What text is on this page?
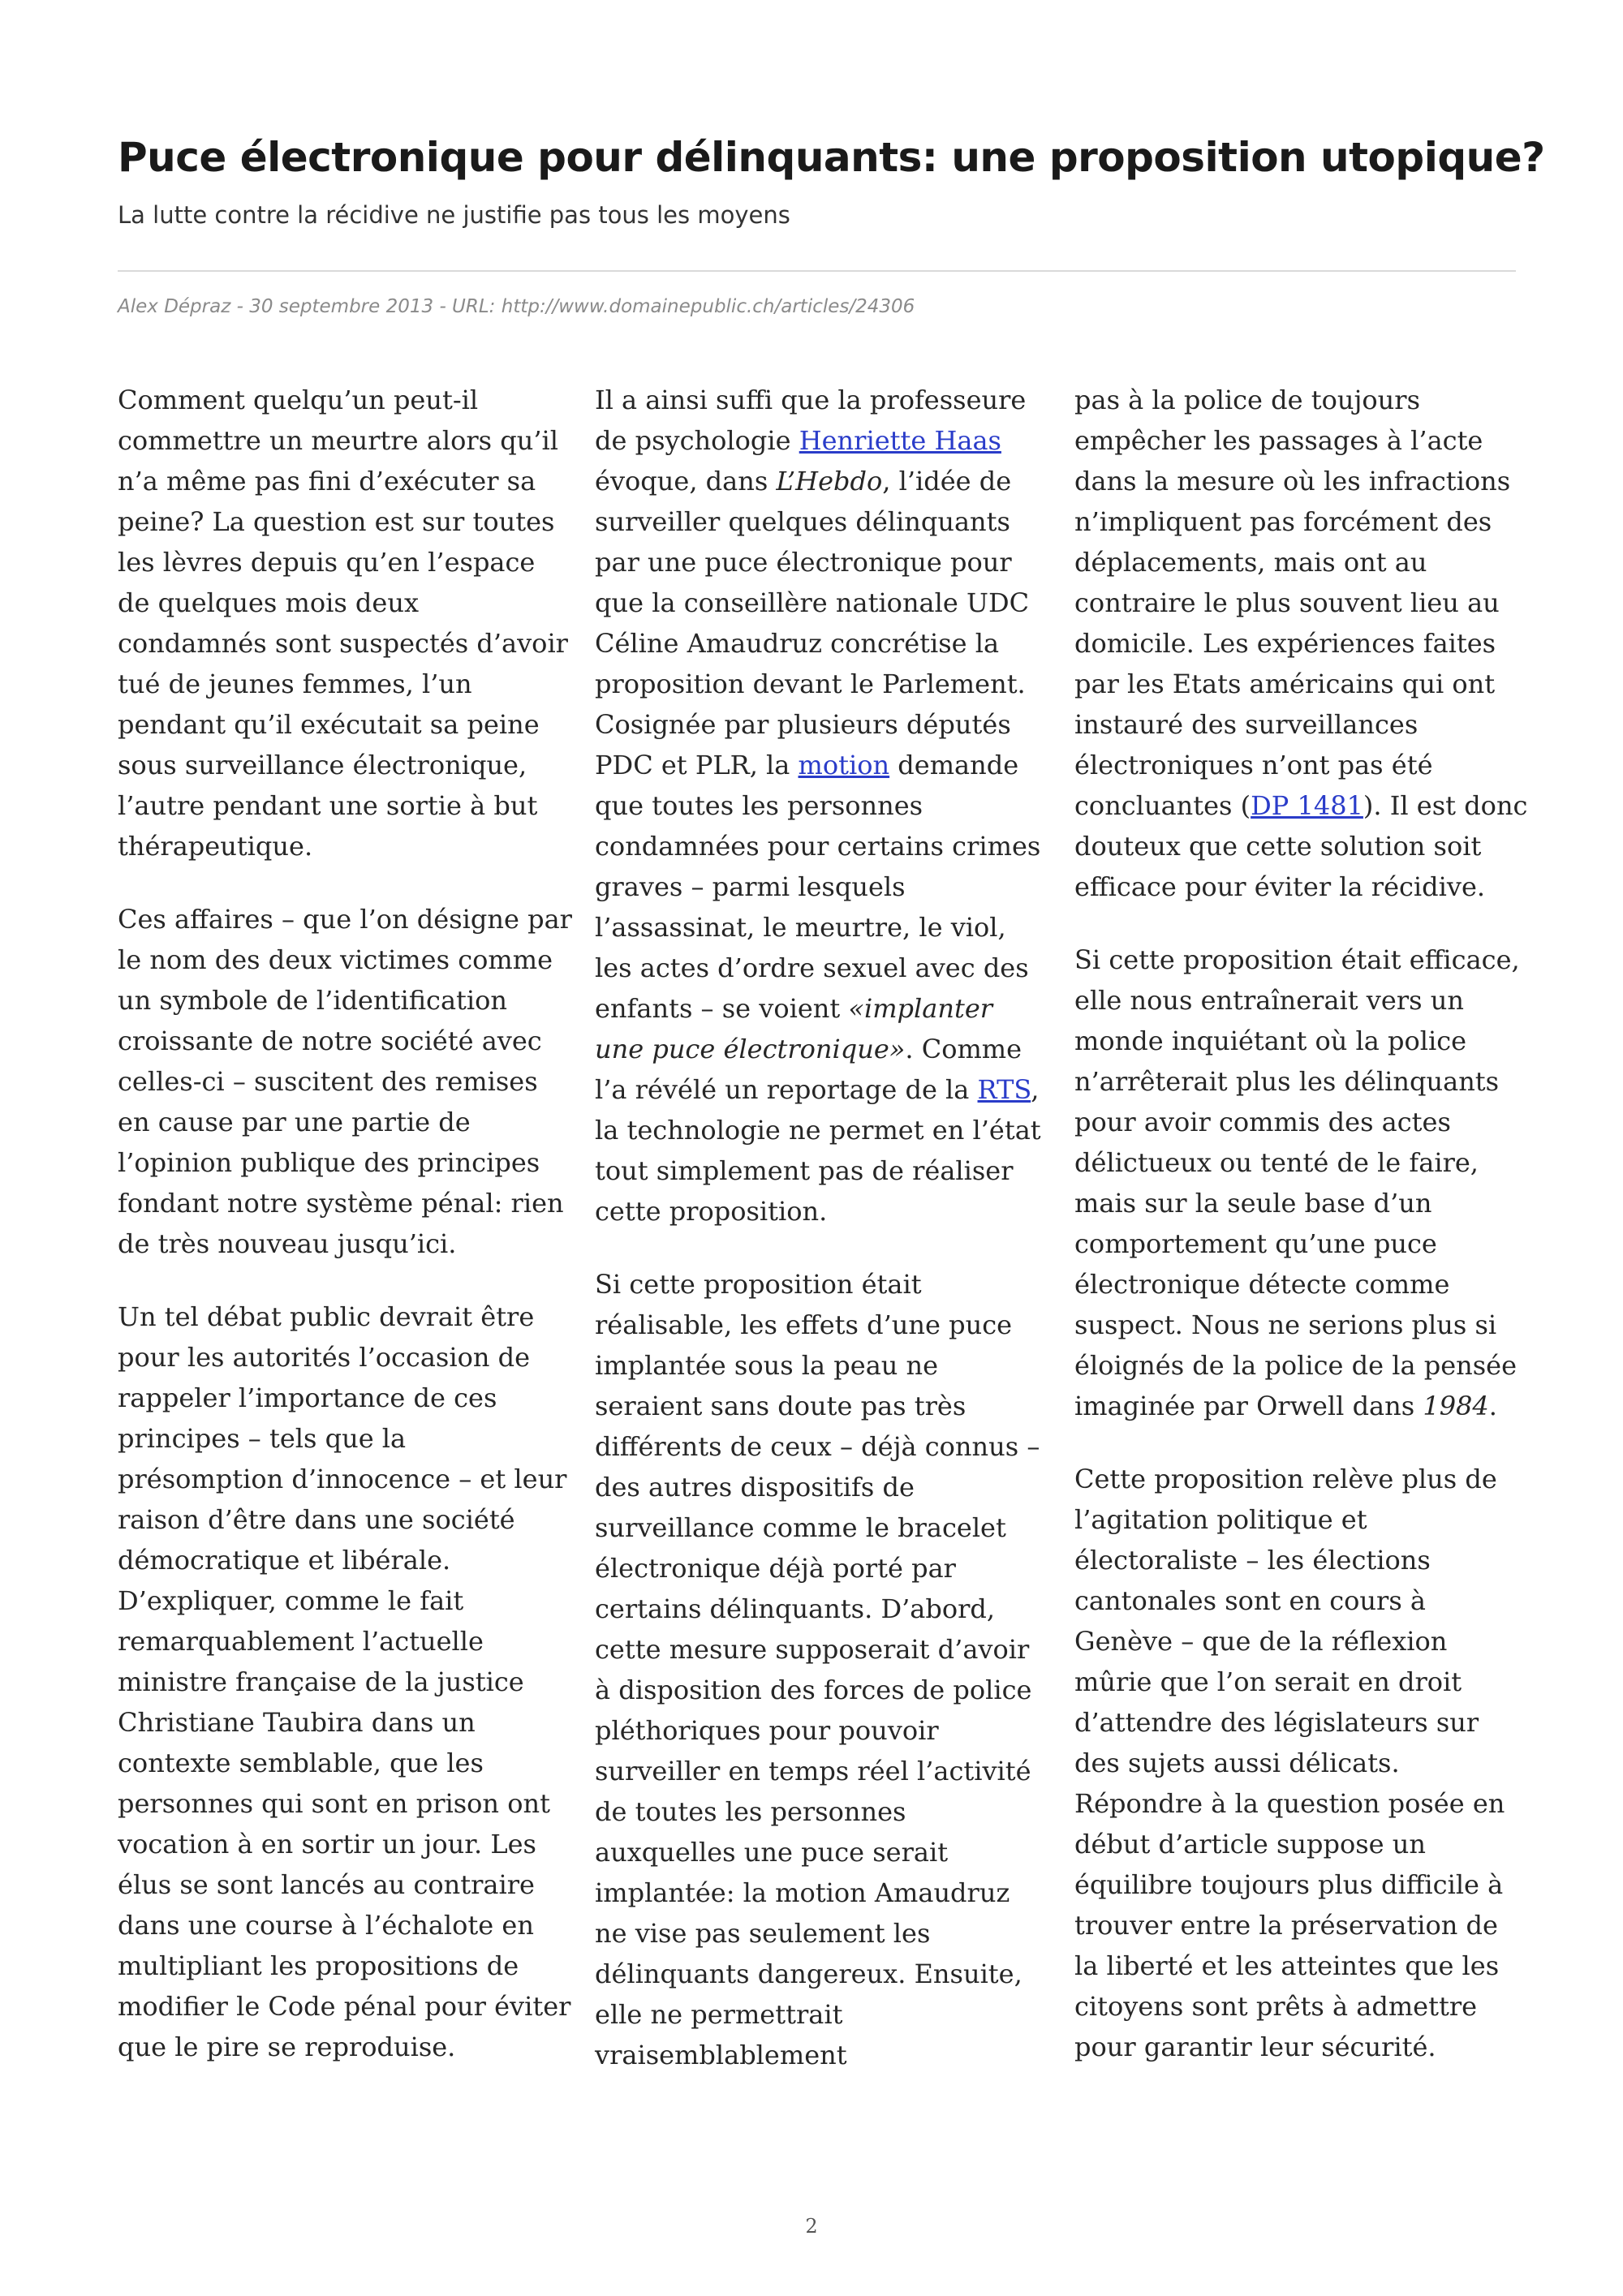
Puce électronique pour délinquants: une proposition utopique?

La lutte contre la récidive ne justifie pas tous les moyens

Alex Dépraz - 30 septembre 2013 - URL: http://www.domainepublic.ch/articles/24306

Comment quelqu’un peut-il commettre un meurtre alors qu’il n’a même pas fini d’exécuter sa peine? La question est sur toutes les lèvres depuis qu’en l’espace de quelques mois deux condamnés sont suspectés d’avoir tué de jeunes femmes, l’un pendant qu’il exécutait sa peine sous surveillance électronique, l’autre pendant une sortie à but thérapeutique.

Ces affaires – que l’on désigne par le nom des deux victimes comme un symbole de l’identification croissante de notre société avec celles-ci – suscitent des remises en cause par une partie de l’opinion publique des principes fondant notre système pénal: rien de très nouveau jusqu’ici.

Un tel débat public devrait être pour les autorités l’occasion de rappeler l’importance de ces principes – tels que la présomption d’innocence – et leur raison d’être dans une société démocratique et libérale. D’expliquer, comme le fait remarquablement l’actuelle ministre française de la justice Christiane Taubira dans un contexte semblable, que les personnes qui sont en prison ont vocation à en sortir un jour. Les élus se sont lancés au contraire dans une course à l’échalote en multipliant les propositions de modifier le Code pénal pour éviter que le pire se reproduise.

Il a ainsi suffi que la professeure de psychologie Henriette Haas évoque, dans L’Hebdo, l’idée de surveiller quelques délinquants par une puce électronique pour que la conseillère nationale UDC Céline Amaudruz concrétise la proposition devant le Parlement. Cosignée par plusieurs députés PDC et PLR, la motion demande que toutes les personnes condamnées pour certains crimes graves – parmi lesquels l’assassinat, le meurtre, le viol, les actes d’ordre sexuel avec des enfants – se voient «implanter une puce électronique». Comme l’a révélé un reportage de la RTS, la technologie ne permet en l’état tout simplement pas de réaliser cette proposition.

Si cette proposition était réalisable, les effets d’une puce implantée sous la peau ne seraient sans doute pas très différents de ceux – déjà connus – des autres dispositifs de surveillance comme le bracelet électronique déjà porté par certains délinquants. D’abord, cette mesure supposerait d’avoir à disposition des forces de police pléthoriques pour pouvoir surveiller en temps réel l’activité de toutes les personnes auxquelles une puce serait implantée: la motion Amaudruz ne vise pas seulement les délinquants dangereux. Ensuite, elle ne permettrait vraisemblablement

pas à la police de toujours empêcher les passages à l’acte dans la mesure où les infractions n’impliquent pas forcément des déplacements, mais ont au contraire le plus souvent lieu au domicile. Les expériences faites par les Etats américains qui ont instauré des surveillances électroniques n’ont pas été concluantes (DP 1481). Il est donc douteux que cette solution soit efficace pour éviter la récidive.

Si cette proposition était efficace, elle nous entraînerait vers un monde inquiétant où la police n’arrêterait plus les délinquants pour avoir commis des actes délictueux ou tenté de le faire, mais sur la seule base d’un comportement qu’une puce électronique détecte comme suspect. Nous ne serions plus si éloignés de la police de la pensée imaginée par Orwell dans 1984.

Cette proposition relève plus de l’agitation politique et électoraliste – les élections cantonales sont en cours à Genève – que de la réflexion mûrie que l’on serait en droit d’attendre des législateurs sur des sujets aussi délicats. Répondre à la question posée en début d’article suppose un équilibre toujours plus difficile à trouver entre la préservation de la liberté et les atteintes que les citoyens sont prêts à admettre pour garantir leur sécurité.

2
